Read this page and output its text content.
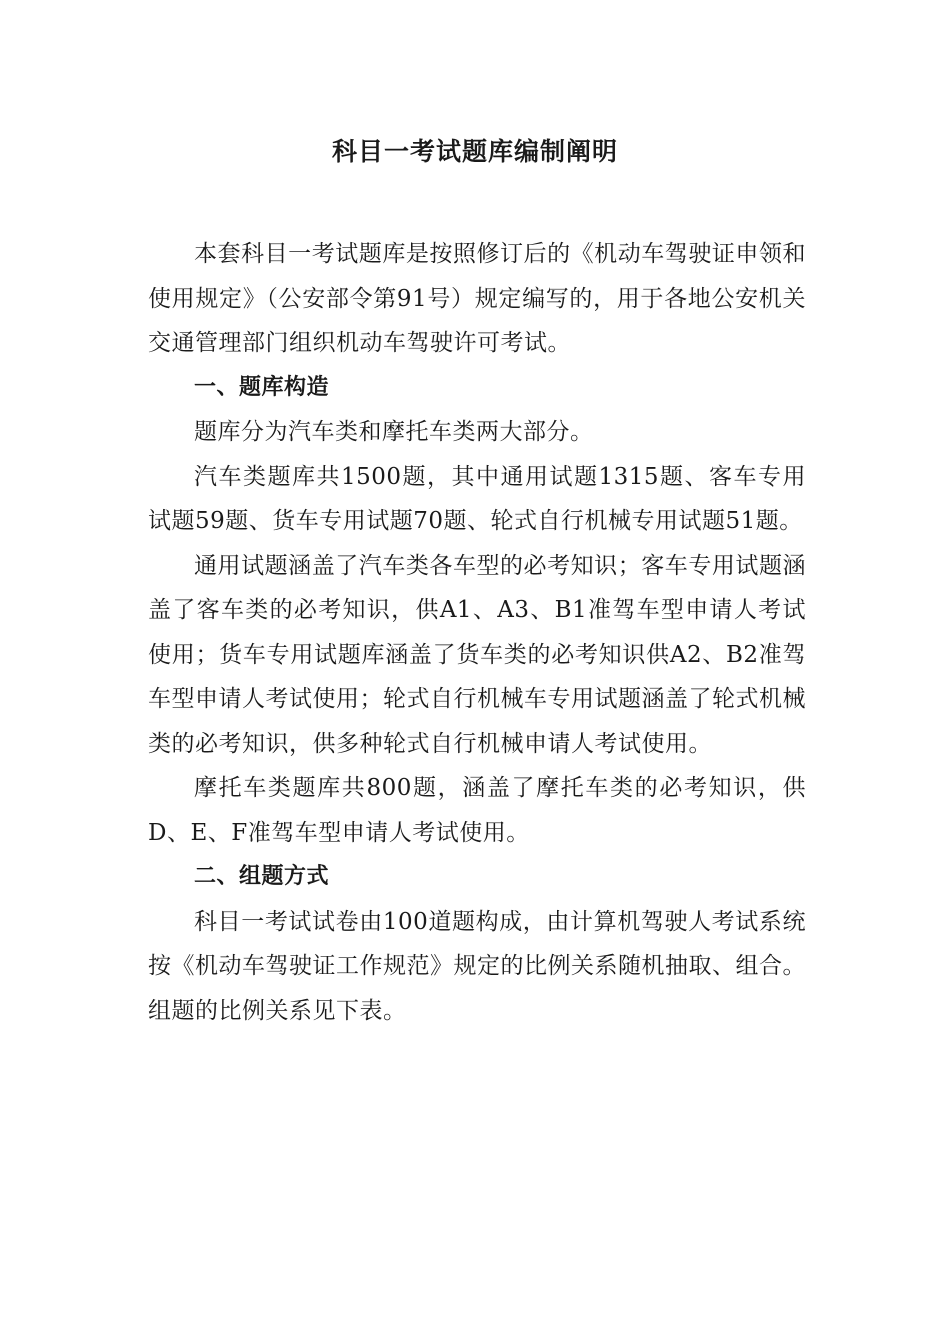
科目一考试题库编制阐明

本套科目一考试题库是按照修订后的《机动车驾驶证申领和使用规定》（公安部令第91号）规定编写的，用于各地公安机关交通管理部门组织机动车驾驶许可考试。

一、题库构造

题库分为汽车类和摩托车类两大部分。

汽车类题库共1500题，其中通用试题1315题、客车专用试题59题、货车专用试题70题、轮式自行机械专用试题51题。

通用试题涵盖了汽车类各车型的必考知识；客车专用试题涵盖了客车类的必考知识，供A1、A3、B1准驾车型申请人考试使用；货车专用试题库涵盖了货车类的必考知识供A2、B2准驾车型申请人考试使用；轮式自行机械车专用试题涵盖了轮式机械类的必考知识，供多种轮式自行机械申请人考试使用。

摩托车类题库共800题，涵盖了摩托车类的必考知识，供D、E、F准驾车型申请人考试使用。

二、组题方式

科目一考试试卷由100道题构成，由计算机驾驶人考试系统按《机动车驾驶证工作规范》规定的比例关系随机抽取、组合。组题的比例关系见下表。
